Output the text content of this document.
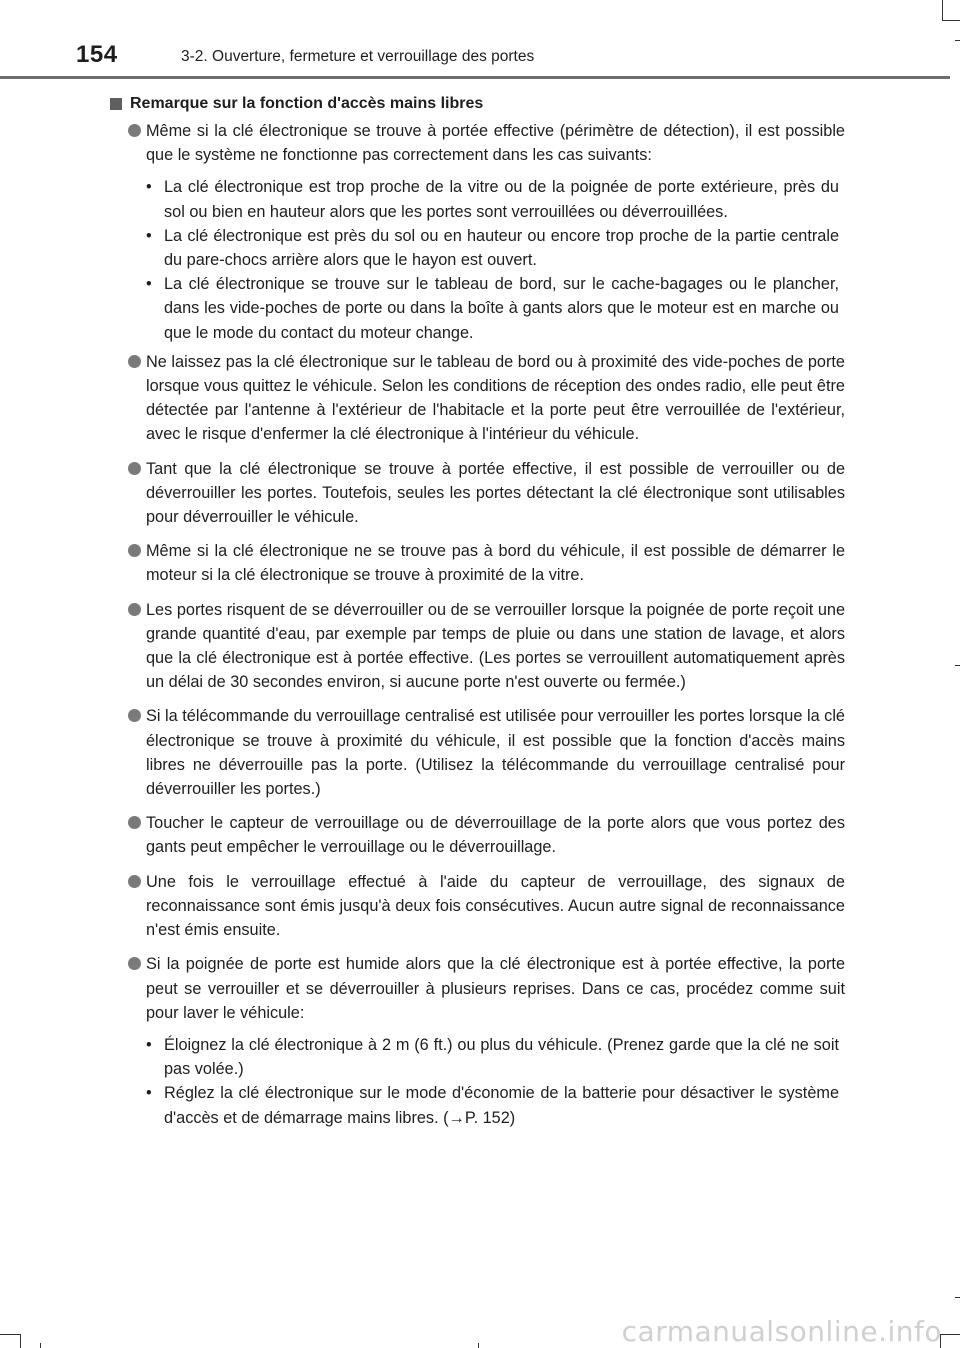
154	3-2. Ouverture, fermeture et verrouillage des portes
Remarque sur la fonction d'accès mains libres
Même si la clé électronique se trouve à portée effective (périmètre de détection), il est possible que le système ne fonctionne pas correctement dans les cas suivants:
• La clé électronique est trop proche de la vitre ou de la poignée de porte extérieure, près du sol ou bien en hauteur alors que les portes sont verrouillées ou déverrouillées.
• La clé électronique est près du sol ou en hauteur ou encore trop proche de la partie centrale du pare-chocs arrière alors que le hayon est ouvert.
• La clé électronique se trouve sur le tableau de bord, sur le cache-bagages ou le plancher, dans les vide-poches de porte ou dans la boîte à gants alors que le moteur est en marche ou que le mode du contact du moteur change.
Ne laissez pas la clé électronique sur le tableau de bord ou à proximité des vide-poches de porte lorsque vous quittez le véhicule. Selon les conditions de réception des ondes radio, elle peut être détectée par l'antenne à l'extérieur de l'habitacle et la porte peut être verrouillée de l'extérieur, avec le risque d'enfermer la clé électronique à l'intérieur du véhicule.
Tant que la clé électronique se trouve à portée effective, il est possible de verrouiller ou de déverrouiller les portes. Toutefois, seules les portes détectant la clé électronique sont utilisables pour déverrouiller le véhicule.
Même si la clé électronique ne se trouve pas à bord du véhicule, il est possible de démarrer le moteur si la clé électronique se trouve à proximité de la vitre.
Les portes risquent de se déverrouiller ou de se verrouiller lorsque la poignée de porte reçoit une grande quantité d'eau, par exemple par temps de pluie ou dans une station de lavage, et alors que la clé électronique est à portée effective. (Les portes se verrouillent automatiquement après un délai de 30 secondes environ, si aucune porte n'est ouverte ou fermée.)
Si la télécommande du verrouillage centralisé est utilisée pour verrouiller les portes lorsque la clé électronique se trouve à proximité du véhicule, il est possible que la fonction d'accès mains libres ne déverrouille pas la porte. (Utilisez la télécommande du verrouillage centralisé pour déverrouiller les portes.)
Toucher le capteur de verrouillage ou de déverrouillage de la porte alors que vous portez des gants peut empêcher le verrouillage ou le déverrouillage.
Une fois le verrouillage effectué à l'aide du capteur de verrouillage, des signaux de reconnaissance sont émis jusqu'à deux fois consécutives. Aucun autre signal de reconnaissance n'est émis ensuite.
Si la poignée de porte est humide alors que la clé électronique est à portée effective, la porte peut se verrouiller et se déverrouiller à plusieurs reprises. Dans ce cas, procédez comme suit pour laver le véhicule:
• Éloignez la clé électronique à 2 m (6 ft.) ou plus du véhicule. (Prenez garde que la clé ne soit pas volée.)
• Réglez la clé électronique sur le mode d'économie de la batterie pour désactiver le système d'accès et de démarrage mains libres. (→P. 152)
carmanualsonline.info
